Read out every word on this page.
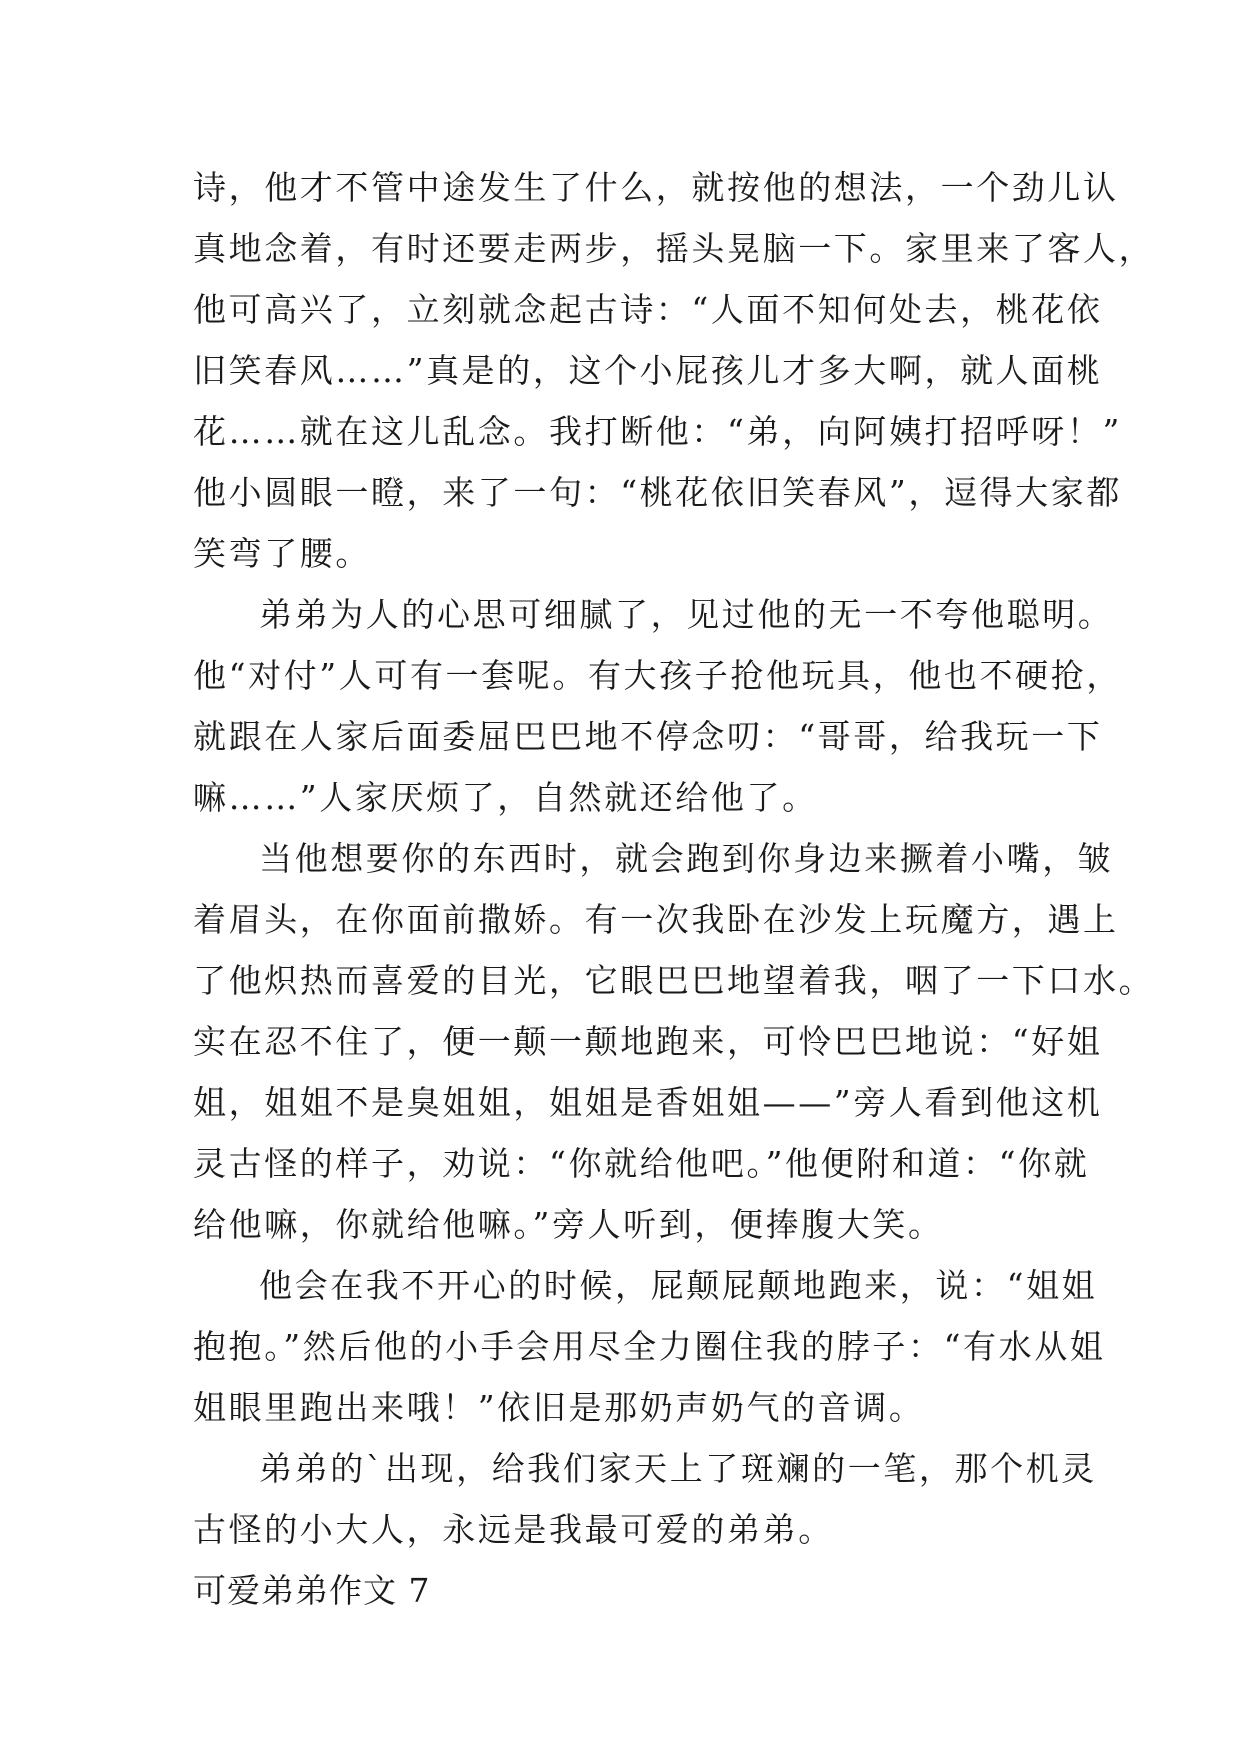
诗，他才不管中途发生了什么，就按他的想法，一个劲儿认
真地念着，有时还要走两步，摇头晃脑一下。家里来了客人，
他可高兴了，立刻就念起古诗：“人面不知何处去，桃花依
旧笑春风……”真是的，这个小屁孩儿才多大啊，就人面桃
花……就在这儿乱念。我打断他：“弟，向阿姨打招呼呀！”
他小圆眼一瞪，来了一句：“桃花依旧笑春风”，逗得大家都
笑弯了腰。
弟弟为人的心思可细腻了，见过他的无一不夸他聪明。
他“对付”人可有一套呢。有大孩子抢他玩具，他也不硬抢，
就跟在人家后面委屈巴巴地不停念叨：“哥哥，给我玩一下
嘛……”人家厌烦了，自然就还给他了。
当他想要你的东西时，就会跑到你身边来撅着小嘴，皱
着眉头，在你面前撒娇。有一次我卧在沙发上玩魔方，遇上
了他炽热而喜爱的目光，它眼巴巴地望着我，咽了一下口水。
实在忍不住了，便一颠一颠地跑来，可怜巴巴地说：“好姐
姐，姐姐不是臭姐姐，姐姐是香姐姐——”旁人看到他这机
灵古怪的样子，劝说：“你就给他吧。”他便附和道：“你就
给他嘛，你就给他嘛。”旁人听到，便捧腹大笑。
他会在我不开心的时候，屁颠屁颠地跑来，说：“姐姐
抱抱。”然后他的小手会用尽全力圈住我的脖子：“有水从姐
姐眼里跑出来哦！”依旧是那奶声奶气的音调。
弟弟的`出现，给我们家天上了斑斓的一笔，那个机灵
古怪的小大人，永远是我最可爱的弟弟。
可爱弟弟作文 7
